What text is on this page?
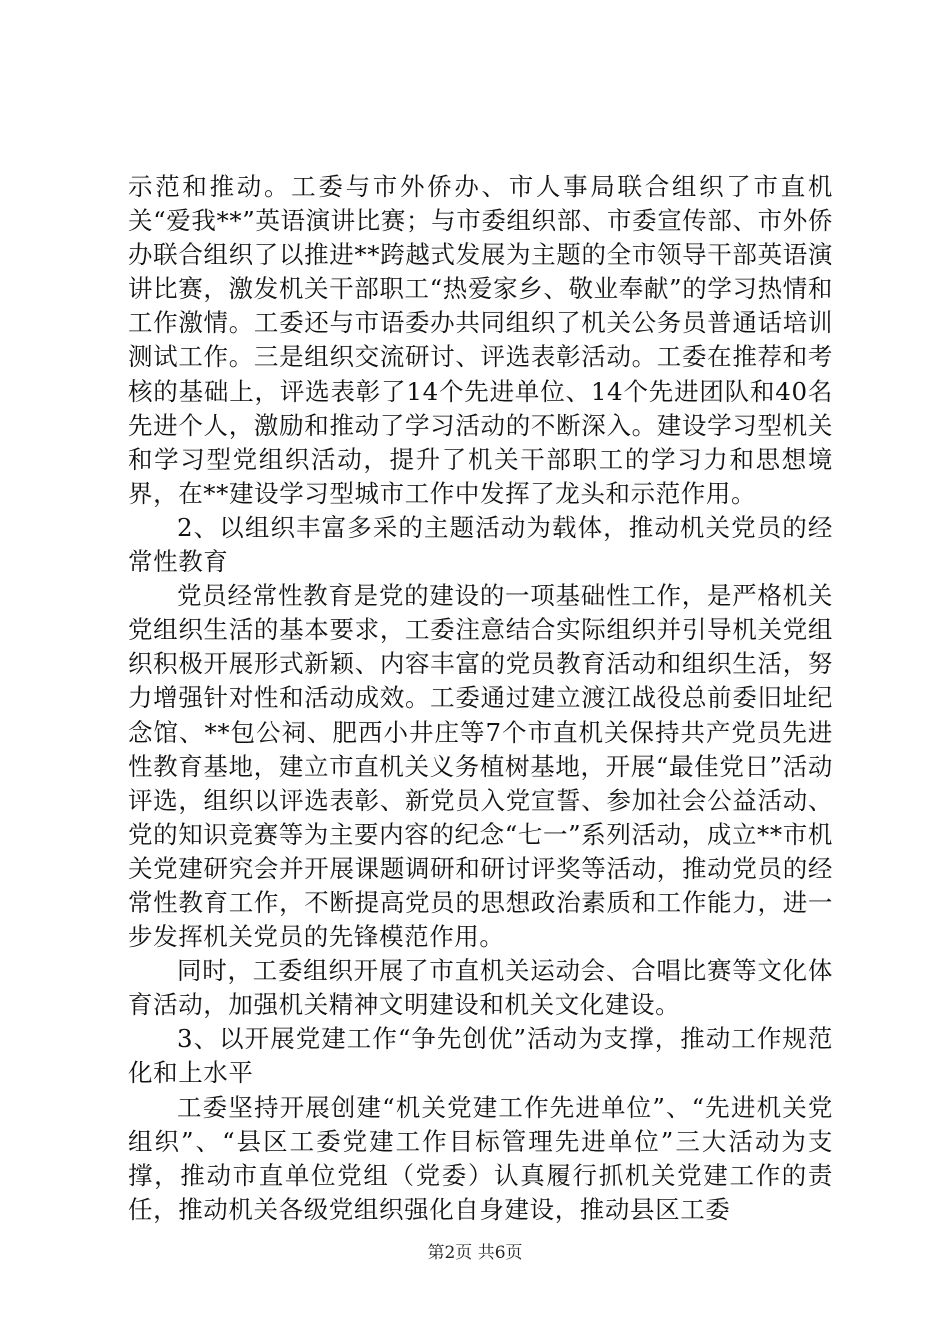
示范和推动。工委与市外侨办、市人事局联合组织了市直机关“爱我**”英语演讲比赛；与市委组织部、市委宣传部、市外侨办联合组织了以推进**跨越式发展为主题的全市领导干部英语演讲比赛，激发机关干部职工“热爱家乡、敬业奉献”的学习热情和工作激情。工委还与市语委办共同组织了机关公务员普通话培训测试工作。三是组织交流研讨、评选表彰活动。工委在推荐和考核的基础上，评选表彰了14个先进单位、14个先进团队和40名先进个人，激励和推动了学习活动的不断深入。建设学习型机关和学习型党组织活动，提升了机关干部职工的学习力和思想境界，在**建设学习型城市工作中发挥了龙头和示范作用。

2、以组织丰富多采的主题活动为载体，推动机关党员的经常性教育

党员经常性教育是党的建设的一项基础性工作，是严格机关党组织生活的基本要求，工委注意结合实际组织并引导机关党组织积极开展形式新颖、内容丰富的党员教育活动和组织生活，努力增强针对性和活动成效。工委通过建立渡江战役总前委旧址纪念馆、**包公祠、肥西小井庄等7个市直机关保持共产党员先进性教育基地，建立市直机关义务植树基地，开展“最佳党日”活动评选，组织以评选表彰、新党员入党宣誓、参加社会公益活动、党的知识竞赛等为主要内容的纪念“七一”系列活动，成立**市机关党建研究会并开展课题调研和研讨评奖等活动，推动党员的经常性教育工作，不断提高党员的思想政治素质和工作能力，进一步发挥机关党员的先锋模范作用。

同时，工委组织开展了市直机关运动会、合唱比赛等文化体育活动，加强机关精神文明建设和机关文化建设。

3、以开展党建工作“争先创优”活动为支撑，推动工作规范化和上水平

工委坚持开展创建“机关党建工作先进单位”、“先进机关党组织”、“县区工委党建工作目标管理先进单位”三大活动为支撑，推动市直单位党组（党委）认真履行抓机关党建工作的责任，推动机关各级党组织强化自身建设，推动县区工委

第2页 共6页
